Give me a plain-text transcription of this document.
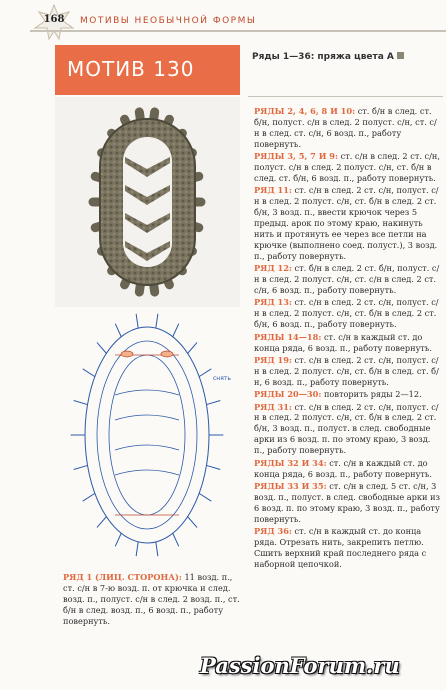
168	МОТИВЫ НЕОБЫЧНОЙ ФОРМЫ
МОТИВ 130
снять
Ряды 1—36: пряжа цвета А

РЯДЫ 2, 4, 6, 8 И 10: ст. б/н в след. ст. б/н, полуст. с/н в след. 2 полуст. с/н, ст. с/н в след. ст. с/н, 6 возд. п., работу повернуть.

РЯДЫ 3, 5, 7 И 9: ст. с/н в след. 2 ст. с/н, полуст. с/н в след. 2 полуст. с/н, ст. б/н в след. ст. б/н, 6 возд. п., работу повернуть.

РЯД 11: ст. с/н в след. 2 ст. с/н, полуст. с/н в след. 2 полуст. с/н, ст. б/н в след. 2 ст. б/н, 3 возд. п., ввести крючок через 5 предыд. арок по этому краю, накинуть нить и протянуть ее через все петли на крючке (выполнено соед. полуст.), 3 возд. п., работу повернуть.

РЯД 12: ст. б/н в след. 2 ст. б/н, полуст. с/н в след. 2 полуст. с/н, ст. с/н в след. 2 ст. с/н, 6 возд. п., работу повернуть.

РЯД 13: ст. с/н в след. 2 ст. с/н, полуст. с/н в след. 2 полуст. с/н, ст. б/н в след. 2 ст. б/н, 6 возд. п., работу повернуть.

РЯДЫ 14—18: ст. с/н в каждый ст. до конца ряда, 6 возд. п., работу повернуть.

РЯД 19: ст. с/н в след. 2 ст. с/н, полуст. с/н в след. 2 полуст. с/н, ст. б/н в след. ст. б/н, 6 возд. п., работу повернуть.

РЯДЫ 20—30: повторить ряды 2—12.

РЯД 31: ст. с/н в след. 2 ст. с/н, полуст. с/н в след. 2 полуст. с/н, ст. б/н в след. 2 ст. б/н, 3 возд. п., полуст. в след. свободные арки из 6 возд. п. по этому краю, 3 возд. п., работу повернуть.

РЯДЫ 32 И 34: ст. с/н в каждый ст. до конца ряда, 6 возд. п., работу повернуть.

РЯДЫ 33 И 35: ст. с/н в след. 5 ст. с/н, 3 возд. п., полуст. в след. свободные арки из 6 возд. п. по этому краю, 3 возд. п., работу повернуть.

РЯД 36: ст. с/н в каждый ст. до конца ряда. Отрезать нить, закрепить петлю. Сшить верхний край последнего ряда с наборной цепочкой.

РЯД 1 (ЛИЦ. СТОРОНА): 11 возд. п., ст. с/н в 7-ю возд. п. от крючка и след. возд. п., полуст. с/н в след. 2 возд. п., ст. б/н в след. возд. п., 6 возд. п., работу повернуть.

PassionForum.ru
